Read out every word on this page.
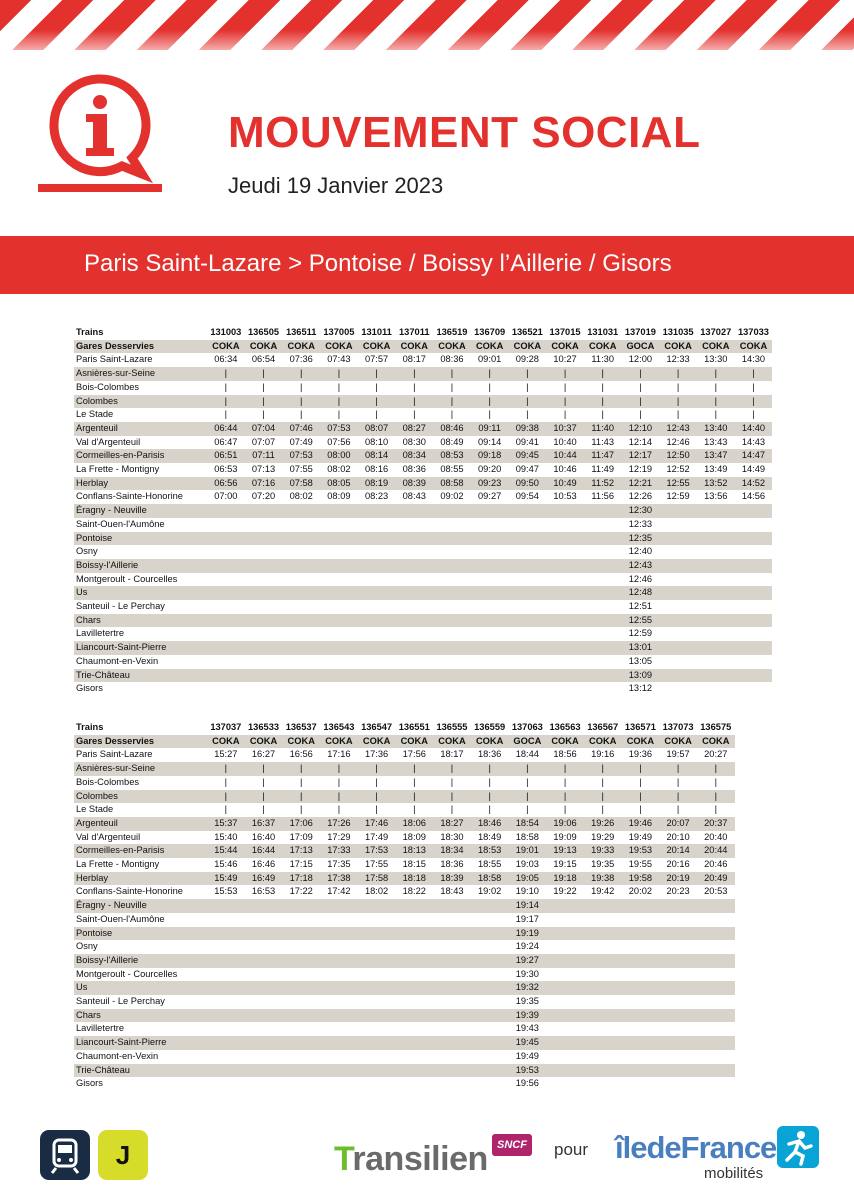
MOUVEMENT SOCIAL
Jeudi 19 Janvier 2023
Paris Saint-Lazare > Pontoise / Boissy l’Aillerie / Gisors
Trains	131003	136505	136511	137005	131011	137011	136519	136709	136521	137015	131031	137019	131035	137027	137033
Gares Desservies	COKA	COKA	COKA	COKA	COKA	COKA	COKA	COKA	COKA	COKA	COKA	GOCA	COKA	COKA	COKA
Paris Saint-Lazare	06:34	06:54	07:36	07:43	07:57	08:17	08:36	09:01	09:28	10:27	11:30	12:00	12:33	13:30	14:30
Asnières-sur-Seine	|	|	|	|	|	|	|	|	|	|	|	|	|	|	|
Bois-Colombes	|	|	|	|	|	|	|	|	|	|	|	|	|	|	|
Colombes	|	|	|	|	|	|	|	|	|	|	|	|	|	|	|
Le Stade	|	|	|	|	|	|	|	|	|	|	|	|	|	|	|
Argenteuil	06:44	07:04	07:46	07:53	08:07	08:27	08:46	09:11	09:38	10:37	11:40	12:10	12:43	13:40	14:40
Val d'Argenteuil	06:47	07:07	07:49	07:56	08:10	08:30	08:49	09:14	09:41	10:40	11:43	12:14	12:46	13:43	14:43
Cormeilles-en-Parisis	06:51	07:11	07:53	08:00	08:14	08:34	08:53	09:18	09:45	10:44	11:47	12:17	12:50	13:47	14:47
La Frette - Montigny	06:53	07:13	07:55	08:02	08:16	08:36	08:55	09:20	09:47	10:46	11:49	12:19	12:52	13:49	14:49
Herblay	06:56	07:16	07:58	08:05	08:19	08:39	08:58	09:23	09:50	10:49	11:52	12:21	12:55	13:52	14:52
Conflans-Sainte-Honorine	07:00	07:20	08:02	08:09	08:23	08:43	09:02	09:27	09:54	10:53	11:56	12:26	12:59	13:56	14:56
Éragny - Neuville												12:30			
Saint-Ouen-l'Aumône												12:33			
Pontoise												12:35			
Osny												12:40			
Boissy-l'Aillerie												12:43			
Montgeroult - Courcelles												12:46			
Us												12:48			
Santeuil - Le Perchay												12:51			
Chars												12:55			
Lavilletertre												12:59			
Liancourt-Saint-Pierre												13:01			
Chaumont-en-Vexin												13:05			
Trie-Château												13:09			
Gisors												13:12			
Trains	137037	136533	136537	136543	136547	136551	136555	136559	137063	136563	136567	136571	137073	136575
Gares Desservies	COKA	COKA	COKA	COKA	COKA	COKA	COKA	COKA	GOCA	COKA	COKA	COKA	COKA	COKA
Paris Saint-Lazare	15:27	16:27	16:56	17:16	17:36	17:56	18:17	18:36	18:44	18:56	19:16	19:36	19:57	20:27
Asnières-sur-Seine	|	|	|	|	|	|	|	|	|	|	|	|	|	|
Bois-Colombes	|	|	|	|	|	|	|	|	|	|	|	|	|	|
Colombes	|	|	|	|	|	|	|	|	|	|	|	|	|	|
Le Stade	|	|	|	|	|	|	|	|	|	|	|	|	|	|
Argenteuil	15:37	16:37	17:06	17:26	17:46	18:06	18:27	18:46	18:54	19:06	19:26	19:46	20:07	20:37
Val d'Argenteuil	15:40	16:40	17:09	17:29	17:49	18:09	18:30	18:49	18:58	19:09	19:29	19:49	20:10	20:40
Cormeilles-en-Parisis	15:44	16:44	17:13	17:33	17:53	18:13	18:34	18:53	19:01	19:13	19:33	19:53	20:14	20:44
La Frette - Montigny	15:46	16:46	17:15	17:35	17:55	18:15	18:36	18:55	19:03	19:15	19:35	19:55	20:16	20:46
Herblay	15:49	16:49	17:18	17:38	17:58	18:18	18:39	18:58	19:05	19:18	19:38	19:58	20:19	20:49
Conflans-Sainte-Honorine	15:53	16:53	17:22	17:42	18:02	18:22	18:43	19:02	19:10	19:22	19:42	20:02	20:23	20:53
Éragny - Neuville									19:14					
Saint-Ouen-l'Aumône									19:17					
Pontoise									19:19					
Osny									19:24					
Boissy-l'Aillerie									19:27					
Montgeroult - Courcelles									19:30					
Us									19:32					
Santeuil - Le Perchay									19:35					
Chars									19:39					
Lavilletertre									19:43					
Liancourt-Saint-Pierre									19:45					
Chaumont-en-Vexin									19:49					
Trie-Château									19:53					
Gisors									19:56					
J	Transilien SNCF pour îledeFrance
mobilités
